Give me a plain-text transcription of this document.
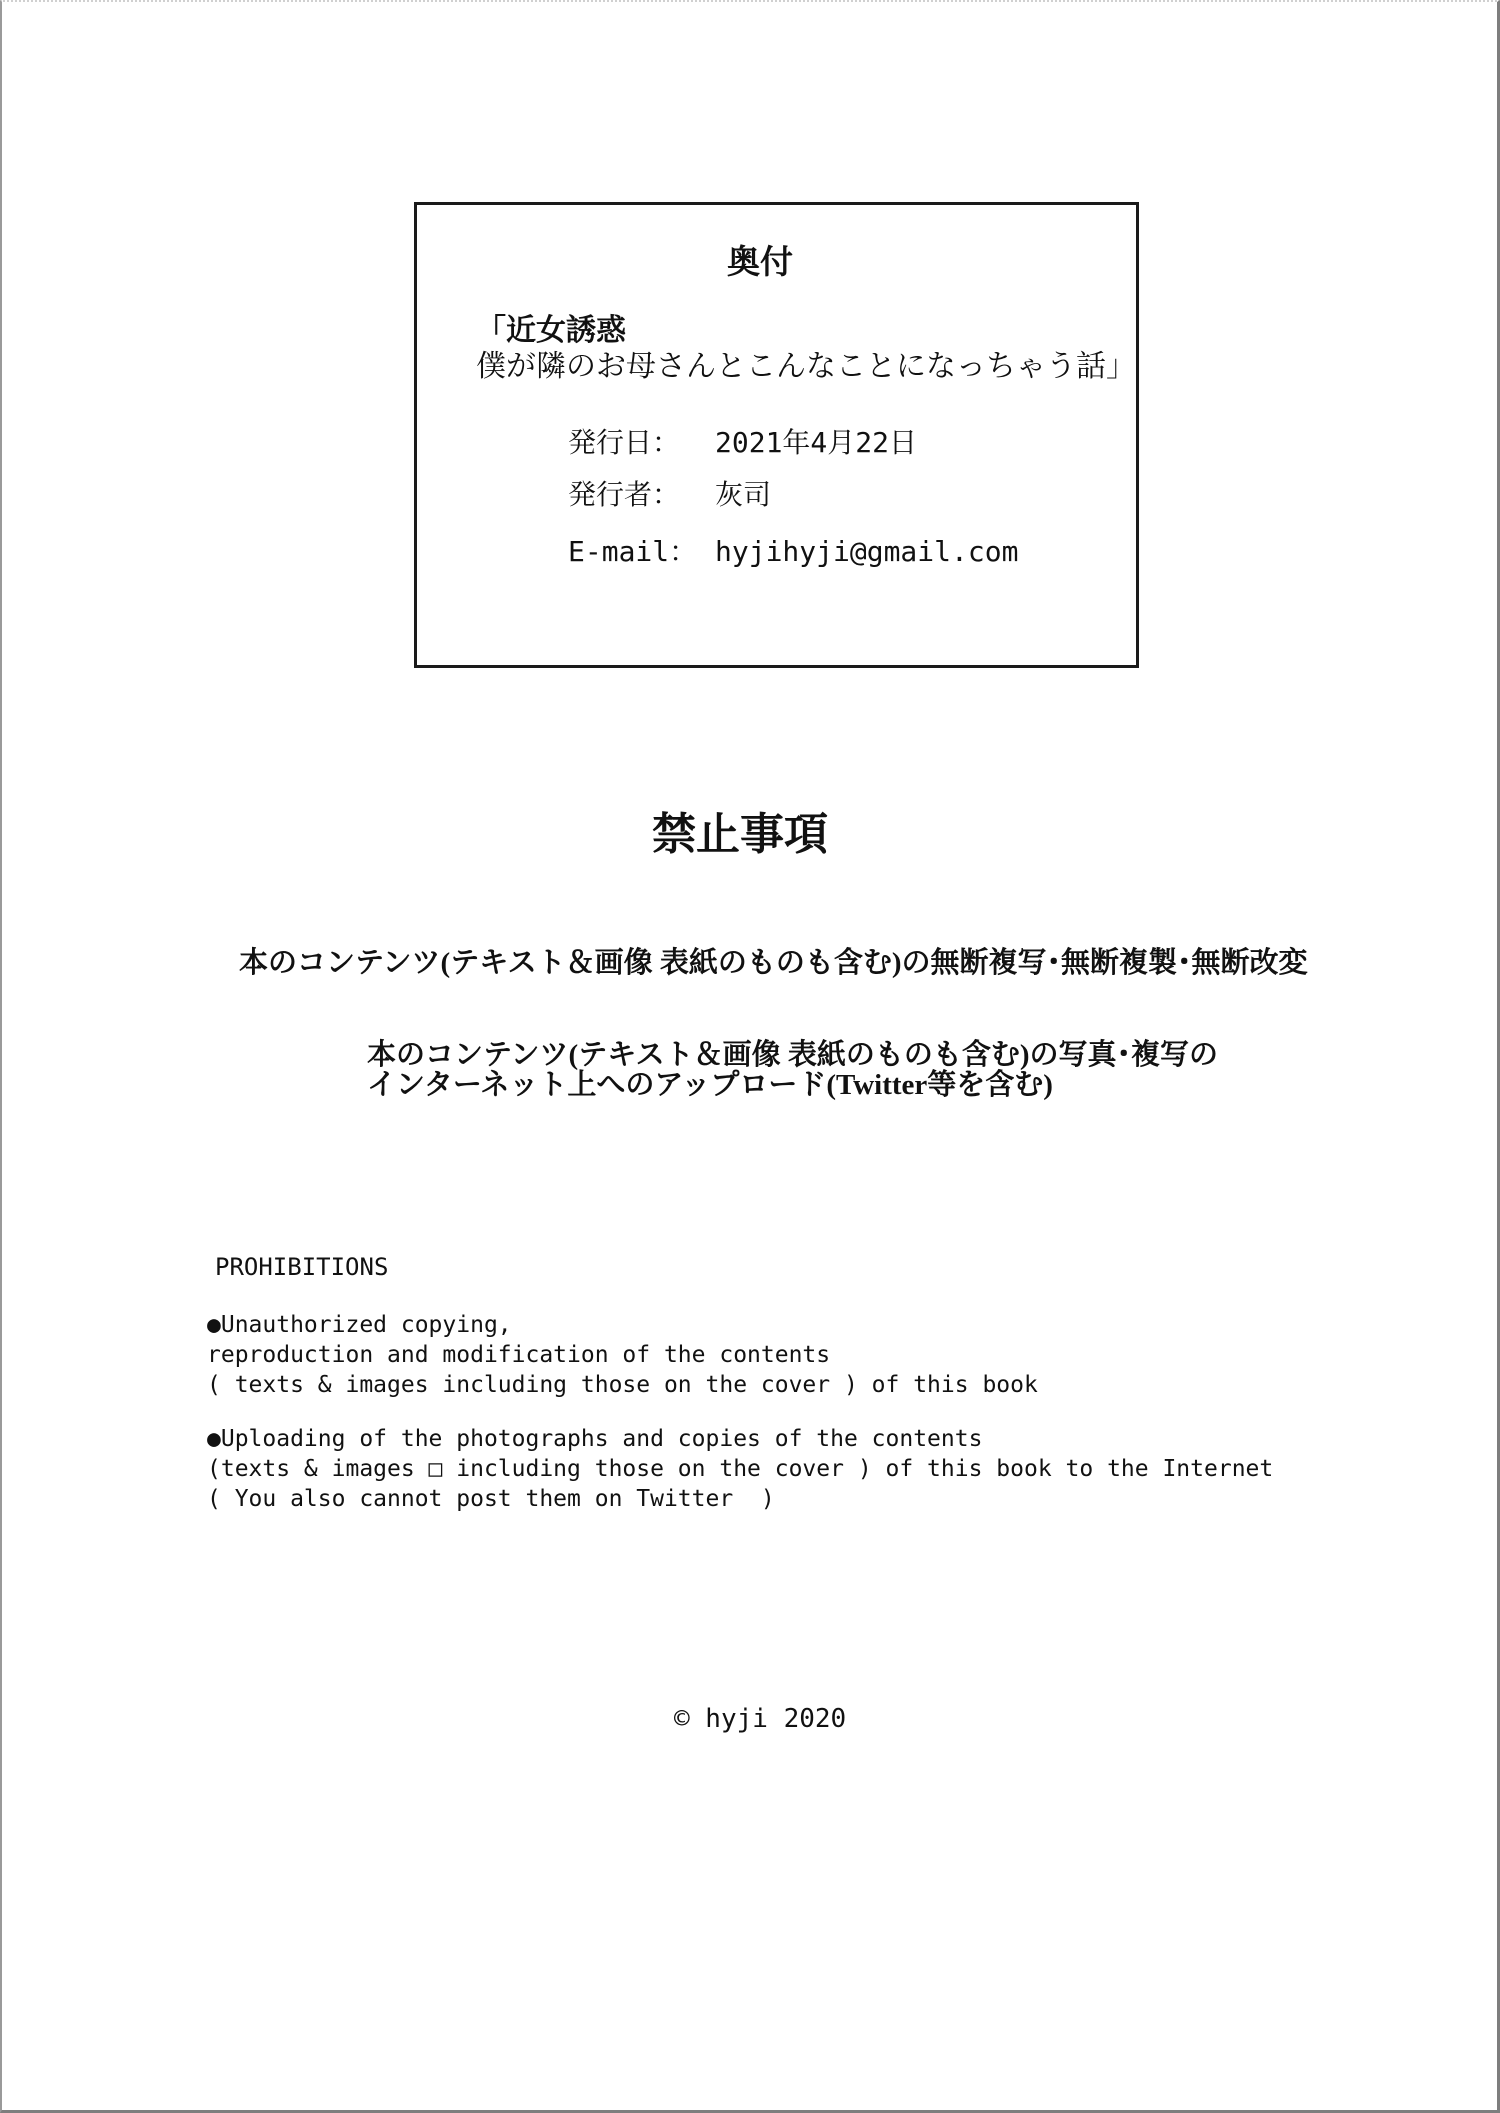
奥付
「近女誘惑
僕が隣のお母さんとこんなことになっちゃう話」
発行日： 2021年4月22日
発行者： 灰司
E-mail： hyjihyji@gmail.com
禁止事項

本のコンテンツ(テキスト＆画像 表紙のものも含む)の無断複写･無断複製･無断改変

本のコンテンツ(テキスト＆画像 表紙のものも含む)の写真･複写の
インターネット上へのアップロード(Twitter等を含む)

PROHIBITIONS

●Unauthorized copying,
reproduction and modification of the contents
( texts & images including those on the cover ) of this book
●Uploading of the photographs and copies of the contents
(texts & images □ including those on the cover ) of this book to the Internet
( You also cannot post them on Twitter  )

© hyji 2020
